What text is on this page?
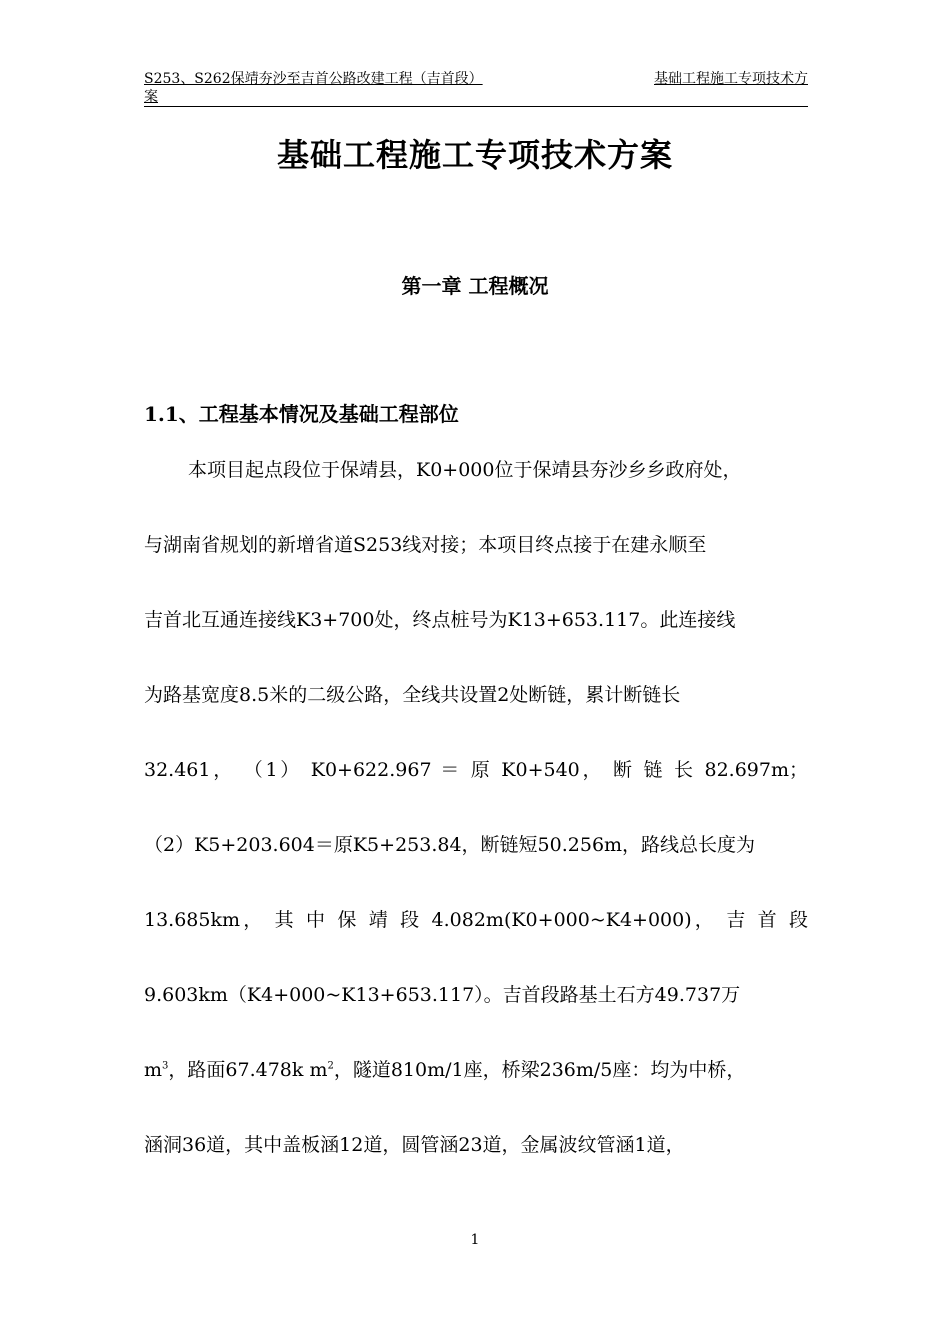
S253、S262保靖夯沙至吉首公路改建工程（吉首段）	基础工程施工专项技术方
案
基础工程施工专项技术方案
第一章 工程概况
1.1、工程基本情况及基础工程部位
本项目起点段位于保靖县，K0+000位于保靖县夯沙乡乡政府处，
与湖南省规划的新增省道S253线对接；本项目终点接于在建永顺至
吉首北互通连接线K3+700处，终点桩号为K13+653.117。此连接线
为路基宽度8.5米的二级公路，全线共设置2处断链，累计断链长
32.461， （1） K0+622.967 ＝ 原 K0+540， 断 链 长 82.697m；
（2）K5+203.604＝原K5+253.84，断链短50.256m，路线总长度为
13.685km， 其 中 保 靖 段 4.082m(K0+000~K4+000)， 吉 首 段
9.603km（K4+000~K13+653.117）。吉首段路基土石方49.737万
$m^3$，路面67.478k $m^2$，隧道810m/1座，桥梁236m/5座：均为中桥，
涵洞36道，其中盖板涵12道，圆管涵23道，金属波纹管涵1道，
1
